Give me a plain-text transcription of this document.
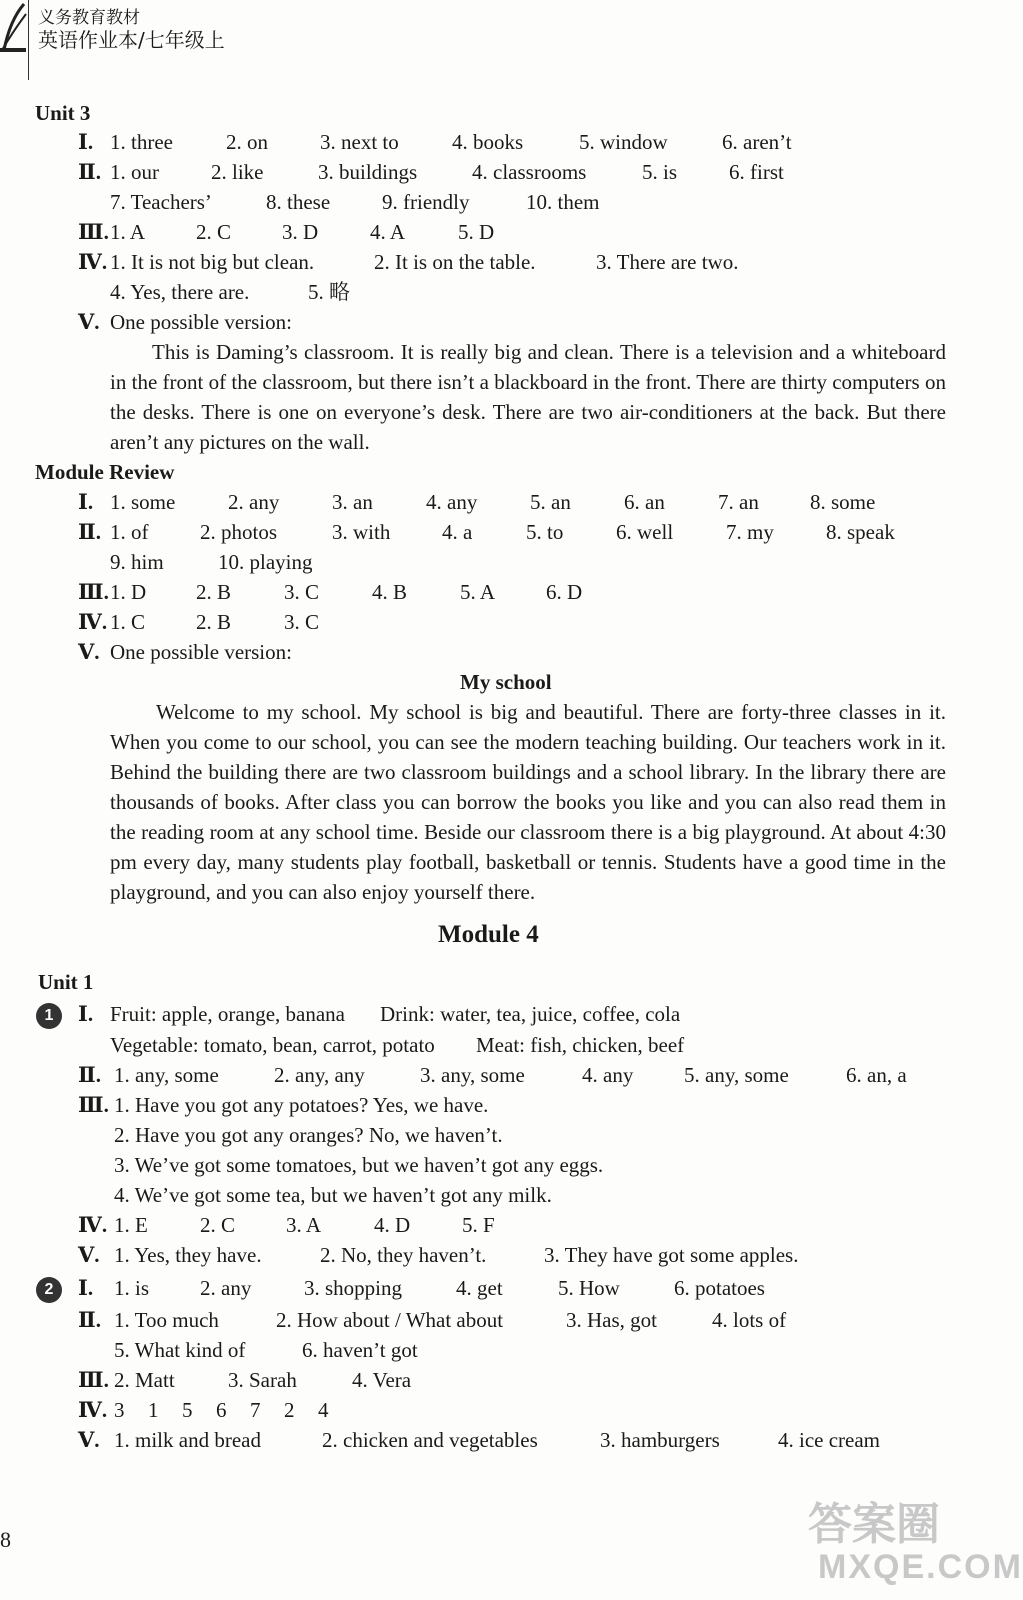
义务教育教材
英语作业本/七年级上
Unit 3
Ⅰ. 1. three	2. on 3. next to	4. books	5. window	6. aren’t
Ⅱ. 1. our 2. like	3. buildings	4. classrooms	5. is 6. first
7. Teachers’	8. these 9. friendly	10. them
Ⅲ. 1. A 2. C 3. D 4. A	5. D
Ⅳ. 1. It is not big but clean.	2. It is on the table.	3. There are two.
4. Yes, there are.	5. 略
Ⅴ. One possible version:
This is Daming’s classroom. It is really big and clean. There is a television and a whiteboard in the front of the classroom, but there isn’t a blackboard in the front. There are thirty computers on the desks. There is one on everyone’s desk. There are two air-conditioners at the back. But there aren’t any pictures on the wall.
Module Review
Ⅰ. 1. some	2. any	3. an	4. any	5. an	6. an	7. an 8. some
Ⅱ. 1. of 2. photos	3. with 4. a	5. to	6. well	7. my 8. speak
9. him	10. playing
Ⅲ. 1. D 2. B	3. C	4. B	5. A 6. D
Ⅳ. 1. C 2. B	3. C
Ⅴ. One possible version:
My school
Welcome to my school. My school is big and beautiful. There are forty-three classes in it. When you come to our school, you can see the modern teaching building. Our teachers work in it. Behind the building there are two classroom buildings and a school library. In the library there are thousands of books. After class you can borrow the books you like and you can also read them in the reading room at any school time. Beside our classroom there is a big playground. At about 4:30 pm every day, many students play football, basketball or tennis. Students have a good time in the playground, and you can also enjoy yourself there.
Module 4
Unit 1
1	Ⅰ. Fruit: apple, orange, banana Drink: water, tea, juice, coffee, cola
Vegetable: tomato, bean, carrot, potato Meat: fish, chicken, beef
Ⅱ. 1. any, some	2. any, any	3. any, some	4. any 5. any, some	6. an, a
Ⅲ. 1. Have you got any potatoes? Yes, we have.
2. Have you got any oranges? No, we haven’t.
3. We’ve got some tomatoes, but we haven’t got any eggs.
4. We’ve got some tea, but we haven’t got any milk.
Ⅳ. 1. E 2. C 3. A	4. D 5. F
Ⅴ. 1. Yes, they have.	2. No, they haven’t.	3. They have got some apples.
2	Ⅰ. 1. is 2. any	3. shopping	4. get	5. How	6. potatoes
Ⅱ. 1. Too much	2. How about / What about	3. Has, got	4. lots of
5. What kind of	6. haven’t got
Ⅲ. 2. Matt	3. Sarah	4. Vera
Ⅳ. 3 1 5 6 7 2 4
Ⅴ. 1. milk and bread	2. chicken and vegetables	3. hamburgers	4. ice cream
8	答案圈
MXQE.COM
